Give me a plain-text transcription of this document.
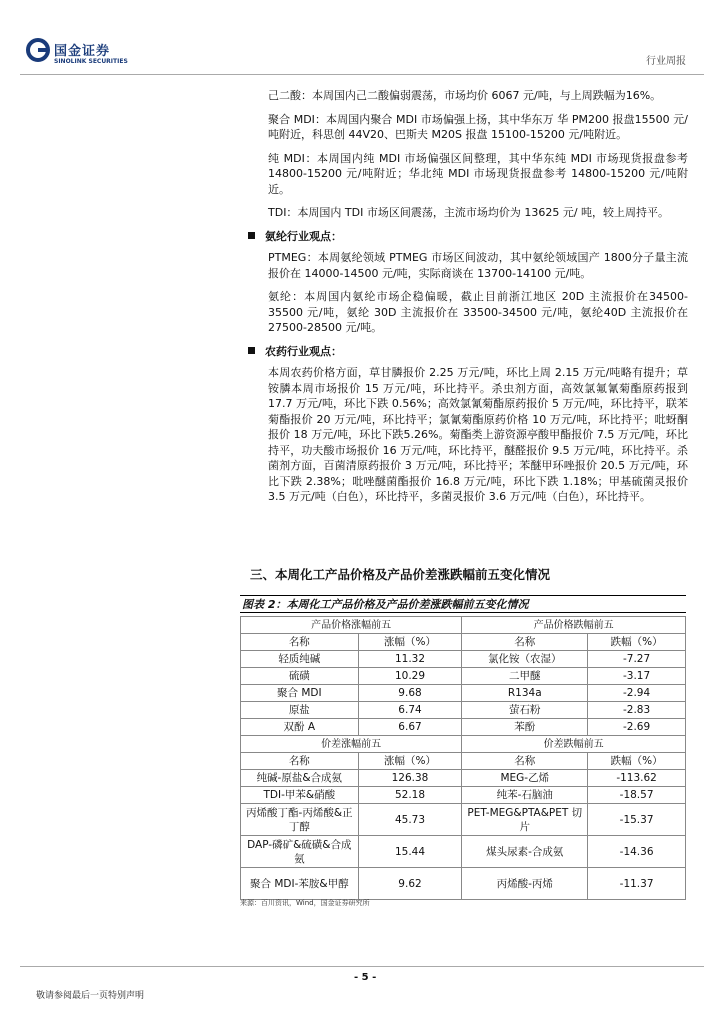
国金证券
SINOLINK SECURITIES	行业周报

己二酸：本周国内己二酸偏弱震荡，市场均价 6067 元/吨，与上周跌幅为16%。

聚合 MDI：本周国内聚合 MDI 市场偏强上扬，其中华东万 华 PM200 报盘15500 元/吨附近，科思创 44V20、巴斯夫 M20S 报盘 15100-15200 元/吨附近。

纯 MDI：本周国内纯 MDI 市场偏强区间整理，其中华东纯 MDI 市场现货报盘参考 14800-15200 元/吨附近；华北纯 MDI 市场现货报盘参考 14800-15200 元/吨附近。

TDI：本周国内 TDI 市场区间震荡，主流市场均价为 13625 元/ 吨，较上周持平。

氨纶行业观点：

PTMEG：本周氨纶领域 PTMEG 市场区间波动，其中氨纶领域国产 1800分子量主流报价在 14000-14500 元/吨，实际商谈在 13700-14100 元/吨。

氨纶：本周国内氨纶市场企稳偏暖，截止目前浙江地区 20D 主流报价在34500-35500 元/吨，氨纶 30D 主流报价在 33500-34500 元/吨，氨纶40D 主流报价在 27500-28500 元/吨。

农药行业观点：

本周农药价格方面，草甘膦报价 2.25 万元/吨，环比上周 2.15 万元/吨略有提升；草铵膦本周市场报价 15 万元/吨，环比持平。杀虫剂方面，高效氯氟氰菊酯原药报到 17.7 万元/吨，环比下跌 0.56%；高效氯氰菊酯原药报价 5 万元/吨，环比持平，联苯菊酯报价 20 万元/吨，环比持平；氯氰菊酯原药价格 10 万元/吨，环比持平；吡蚜酮报价 18 万元/吨，环比下跌5.26%。菊酯类上游资源亭酸甲酯报价 7.5 万元/吨，环比持平，功夫酸市场报价 16 万元/吨，环比持平，醚醛报价 9.5 万元/吨，环比持平。杀菌剂方面，百菌清原药报价 3 万元/吨，环比持平；苯醚甲环唑报价 20.5 万元/吨，环比下跌 2.38%；吡唑醚菌酯报价 16.8 万元/吨，环比下跌 1.18%；甲基硫菌灵报价 3.5 万元/吨（白色），环比持平，多菌灵报价 3.6 万元/吨（白色），环比持平。

三、本周化工产品价格及产品价差涨跌幅前五变化情况
图表 2：本周化工产品价格及产品价差涨跌幅前五变化情况
产品价格涨幅前五		产品价格跌幅前五	
名称	涨幅（%）	名称	跌幅（%）
轻质纯碱	11.32	氯化铵（农湿）	-7.27
硫磺	10.29	二甲醚	-3.17
聚合 MDI	9.68	R134a	-2.94
原盐	6.74	萤石粉	-2.83
双酚 A	6.67	苯酚	-2.69
价差涨幅前五		价差跌幅前五	
名称	涨幅（%）	名称	跌幅（%）
纯碱-原盐&合成氨	126.38	MEG-乙烯	-113.62
TDI-甲苯&硝酸	52.18	纯苯-石脑油	-18.57
丙烯酸丁酯-丙烯酸&正丁醇	45.73	PET-MEG&PTA&PET 切片	-15.37
DAP-磷矿&硫磺&合成氨	15.44	煤头尿素-合成氨	-14.36
聚合 MDI-苯胺&甲醇	9.62	丙烯酸-丙烯	-11.37
来源：百川资讯，Wind，国金证券研究所
- 5 -
敬请参阅最后一页特别声明
